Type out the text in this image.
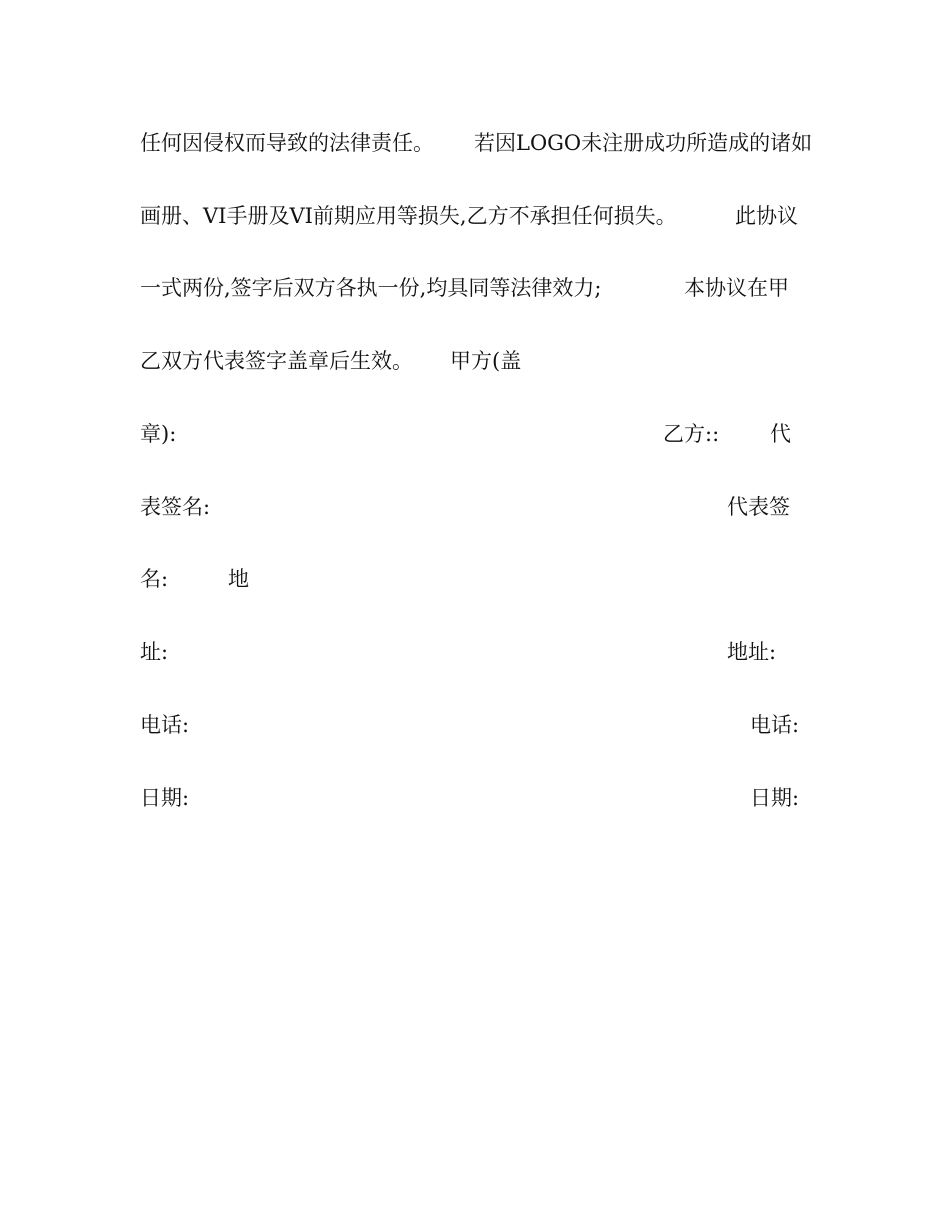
任何因侵权而导致的法律责任。 若因LOGO未注册成功所造成的诸如
画册、VI手册及VI前期应用等损失,乙方不承担任何损失。	此协议
一式两份,签字后双方各执一份,均具同等法律效力;	本协议在甲
乙双方代表签字盖章后生效。 甲方(盖
章):	乙方:: 代
表签名:	代表签
名:	地
址:	地址:
电话:	电话:
日期:	日期:
